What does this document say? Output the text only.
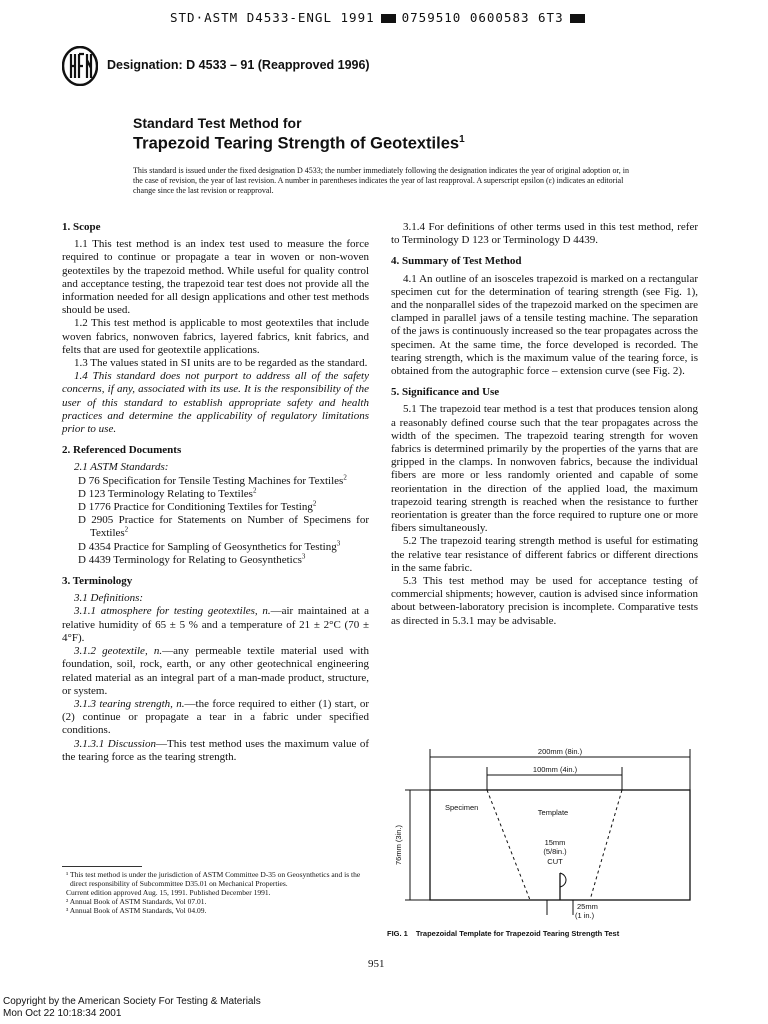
STD·ASTM D4533-ENGL 1991 0759510 0600583 6T3
Designation: D 4533 – 91 (Reapproved 1996)
Standard Test Method for
Trapezoid Tearing Strength of Geotextiles$^1$
This standard is issued under the fixed designation D 4533; the number immediately following the designation indicates the year of original adoption or, in the case of revision, the year of last revision. A number in parentheses indicates the year of last reapproval. A superscript epsilon (ε) indicates an editorial change since the last revision or reapproval.

1. Scope

1.1 This test method is an index test used to measure the force required to continue or propagate a tear in woven or non-woven geotextiles by the trapezoid method. While useful for quality control and acceptance testing, the trapezoid tear test does not provide all the information needed for all design applications and other test methods should be used.

1.2 This test method is applicable to most geotextiles that include woven fabrics, nonwoven fabrics, layered fabrics, knit fabrics, and felts that are used for geotextile applications.

1.3 The values stated in SI units are to be regarded as the standard.

1.4 This standard does not purport to address all of the safety concerns, if any, associated with its use. It is the responsibility of the user of this standard to establish appropriate safety and health practices and determine the applicability of regulatory limitations prior to use.

2. Referenced Documents

2.1 ASTM Standards:

D 76 Specification for Tensile Testing Machines for Textiles$^2$

D 123 Terminology Relating to Textiles$^2$

D 1776 Practice for Conditioning Textiles for Testing$^2$

D 2905 Practice for Statements on Number of Specimens for Textiles$^2$

D 4354 Practice for Sampling of Geosynthetics for Testing$^3$

D 4439 Terminology for Relating to Geosynthetics$^3$

3. Terminology

3.1 Definitions:

3.1.1 atmosphere for testing geotextiles, n.—air maintained at a relative humidity of 65 ± 5 % and a temperature of 21 ± 2°C (70 ± 4°F).

3.1.2 geotextile, n.—any permeable textile material used with foundation, soil, rock, earth, or any other geotechnical engineering related material as an integral part of a man-made product, structure, or system.

3.1.3 tearing strength, n.—the force required to either (1) start, or (2) continue or propagate a tear in a fabric under specified conditions.

3.1.3.1 Discussion—This test method uses the maximum value of the tearing force as the tearing strength.

3.1.4 For definitions of other terms used in this test method, refer to Terminology D 123 or Terminology D 4439.

4. Summary of Test Method

4.1 An outline of an isosceles trapezoid is marked on a rectangular specimen cut for the determination of tearing strength (see Fig. 1), and the nonparallel sides of the trapezoid marked on the specimen are clamped in parallel jaws of a tensile testing machine. The separation of the jaws is continuously increased so the tear propagates across the specimen. At the same time, the force developed is recorded. The tearing strength, which is the maximum value of the tearing force, is obtained from the autographic force – extension curve (see Fig. 2).

5. Significance and Use

5.1 The trapezoid tear method is a test that produces tension along a reasonably defined course such that the tear propagates across the width of the specimen. The trapezoid tearing strength for woven fabrics is determined primarily by the properties of the yarns that are gripped in the clamps. In nonwoven fabrics, because the individual fibers are more or less randomly oriented and capable of some reorientation in the direction of the applied load, the maximum trapezoid tearing strength is reached when the resistance to further reorientation is greater than the force required to rupture one or more fibers simultaneously.

5.2 The trapezoid tearing strength method is useful for estimating the relative tear resistance of different fabrics or different directions in the same fabric.

5.3 This test method may be used for acceptance testing of commercial shipments; however, caution is advised since information about between-laboratory precision is incomplete. Comparative tests as directed in 5.3.1 may be advisable.

200mm (8in.)
100mm (4in.)
76mm (3in.)
Specimen
Template
15mm
(5/8in.)
CUT
25mm
(1 in.)
FIG. 1 Trapezoidal Template for Trapezoid Tearing Strength Test

¹ This test method is under the jurisdiction of ASTM Committee D-35 on Geosynthetics and is the direct responsibility of Subcommittee D35.01 on Mechanical Properties.

Current edition approved Aug. 15, 1991. Published December 1991.

² Annual Book of ASTM Standards, Vol 07.01.

³ Annual Book of ASTM Standards, Vol 04.09.

951
Copyright by the American Society For Testing & Materials
Mon Oct 22 10:18:34 2001
